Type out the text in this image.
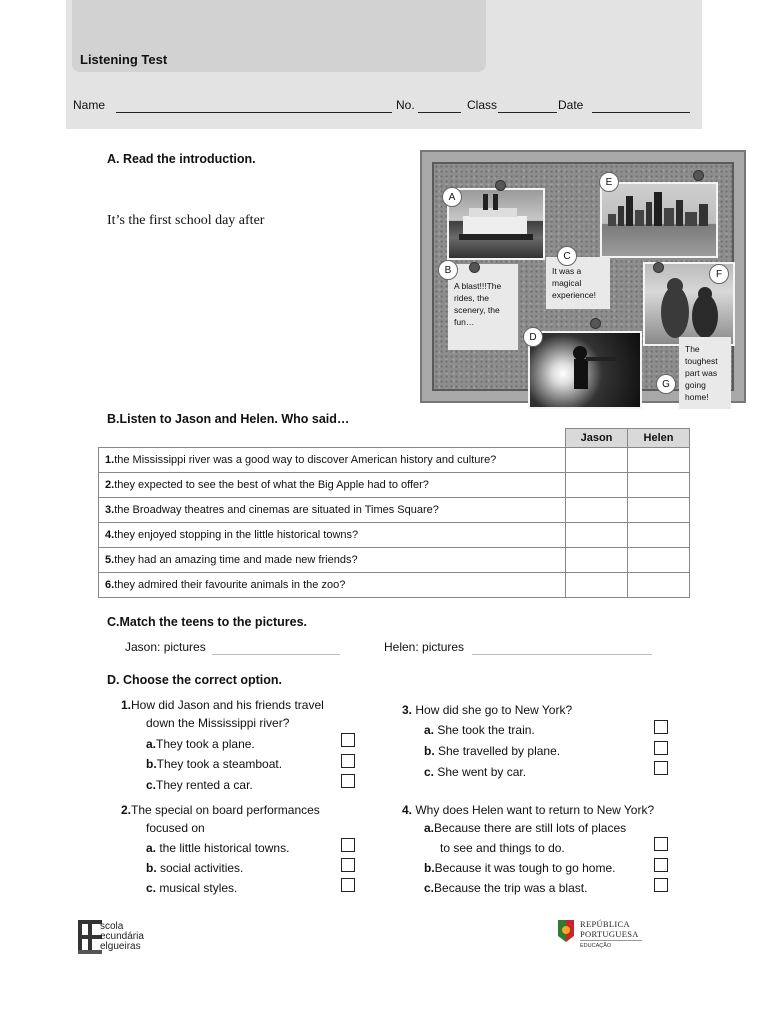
Listening Test
Name	No.	Class	Date
A. Read the introduction.
It’s the first school day after
A blast!!!The rides, the scenery, the fun…
It was a magical experience!
The toughest part was going home!
A
B
C
D
E
F
G
B.Listen to Jason and Helen. Who said…
	Jason	Helen
1.the Mississippi river was a good way to discover American history and culture?		
2.they expected to see the best of what the Big Apple had to offer?		
3.the Broadway theatres and cinemas are situated in Times Square?		
4.they enjoyed stopping in the little historical towns?		
5.they had an amazing time and made new friends?		
6.they admired their favourite animals in the zoo?		
C.Match the teens to the pictures.
Jason: pictures	Helen: pictures
D. Choose the correct option.
1.How did Jason and his friends travel
down the Mississippi river?
a.They took a plane.
b.They took a steamboat.
c.They rented a car.
2.The special on board performances
focused on
a. the little historical towns.
b. social activities.
c. musical styles.
3. How did she go to New York?
a. She took the train.
b. She travelled by plane.
c. She went by car.
4. Why does Helen want to return to New York?
a.Because there are still lots of places
to see and things to do.
b.Because it was tough to go home.
c.Because the trip was a blast.
scola
ecundária
elgueiras
REPÚBLICA
PORTUGUESA
EDUCAÇÃO
